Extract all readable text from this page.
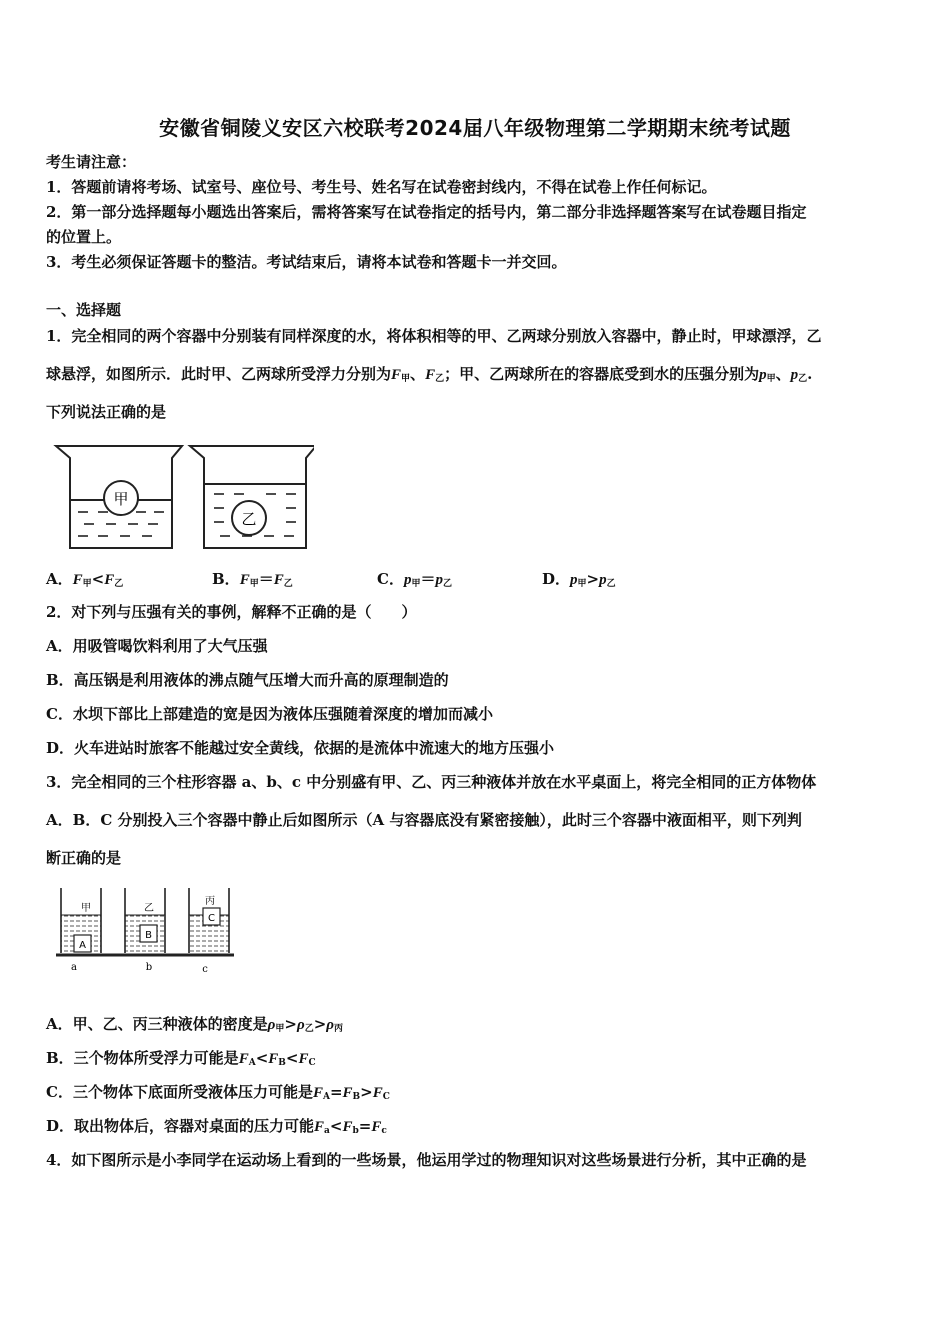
安徽省铜陵义安区六校联考2024届八年级物理第二学期期末统考试题
考生请注意：
1．答题前请将考场、试室号、座位号、考生号、姓名写在试卷密封线内，不得在试卷上作任何标记。
2．第一部分选择题每小题选出答案后，需将答案写在试卷指定的括号内，第二部分非选择题答案写在试卷题目指定
的位置上。
3．考生必须保证答题卡的整洁。考试结束后，请将本试卷和答题卡一并交回。
一、选择题
1．完全相同的两个容器中分别装有同样深度的水，将体积相等的甲、乙两球分别放入容器中，静止时，甲球漂浮，乙
球悬浮，如图所示．此时甲、乙两球所受浮力分别为$F_甲$、$F_乙$；甲、乙两球所在的容器底受到水的压强分别为$p_甲$、$p_乙$.
下列说法正确的是
甲
乙
A．$F_甲<F_乙$	B．$F_甲=F_乙$	C．$p_甲=p_乙$	D．$p_甲>p_乙$
2．对下列与压强有关的事例，解释不正确的是（　　）
A．用吸管喝饮料利用了大气压强
B．高压锅是利用液体的沸点随气压增大而升高的原理制造的
C．水坝下部比上部建造的宽是因为液体压强随着深度的增加而减小
D．火车进站时旅客不能越过安全黄线，依据的是流体中流速大的地方压强小
3．完全相同的三个柱形容器 a、b、c 中分别盛有甲、乙、丙三种液体并放在水平桌面上，将完全相同的正方体物体
A．B．C 分别投入三个容器中静止后如图所示（A 与容器底没有紧密接触），此时三个容器中液面相平，则下列判
断正确的是
甲
A
乙
B
丙
C
a	b	c
A．甲、乙、丙三种液体的密度是$\rho_甲>\rho_乙>\rho_丙$
B．三个物体所受浮力可能是$F_A<F_B<F_C$
C．三个物体下底面所受液体压力可能是$F_A=F_B>F_C$
D．取出物体后，容器对桌面的压力可能$F_a<F_b=F_c$
4．如下图所示是小李同学在运动场上看到的一些场景，他运用学过的物理知识对这些场景进行分析，其中正确的是
